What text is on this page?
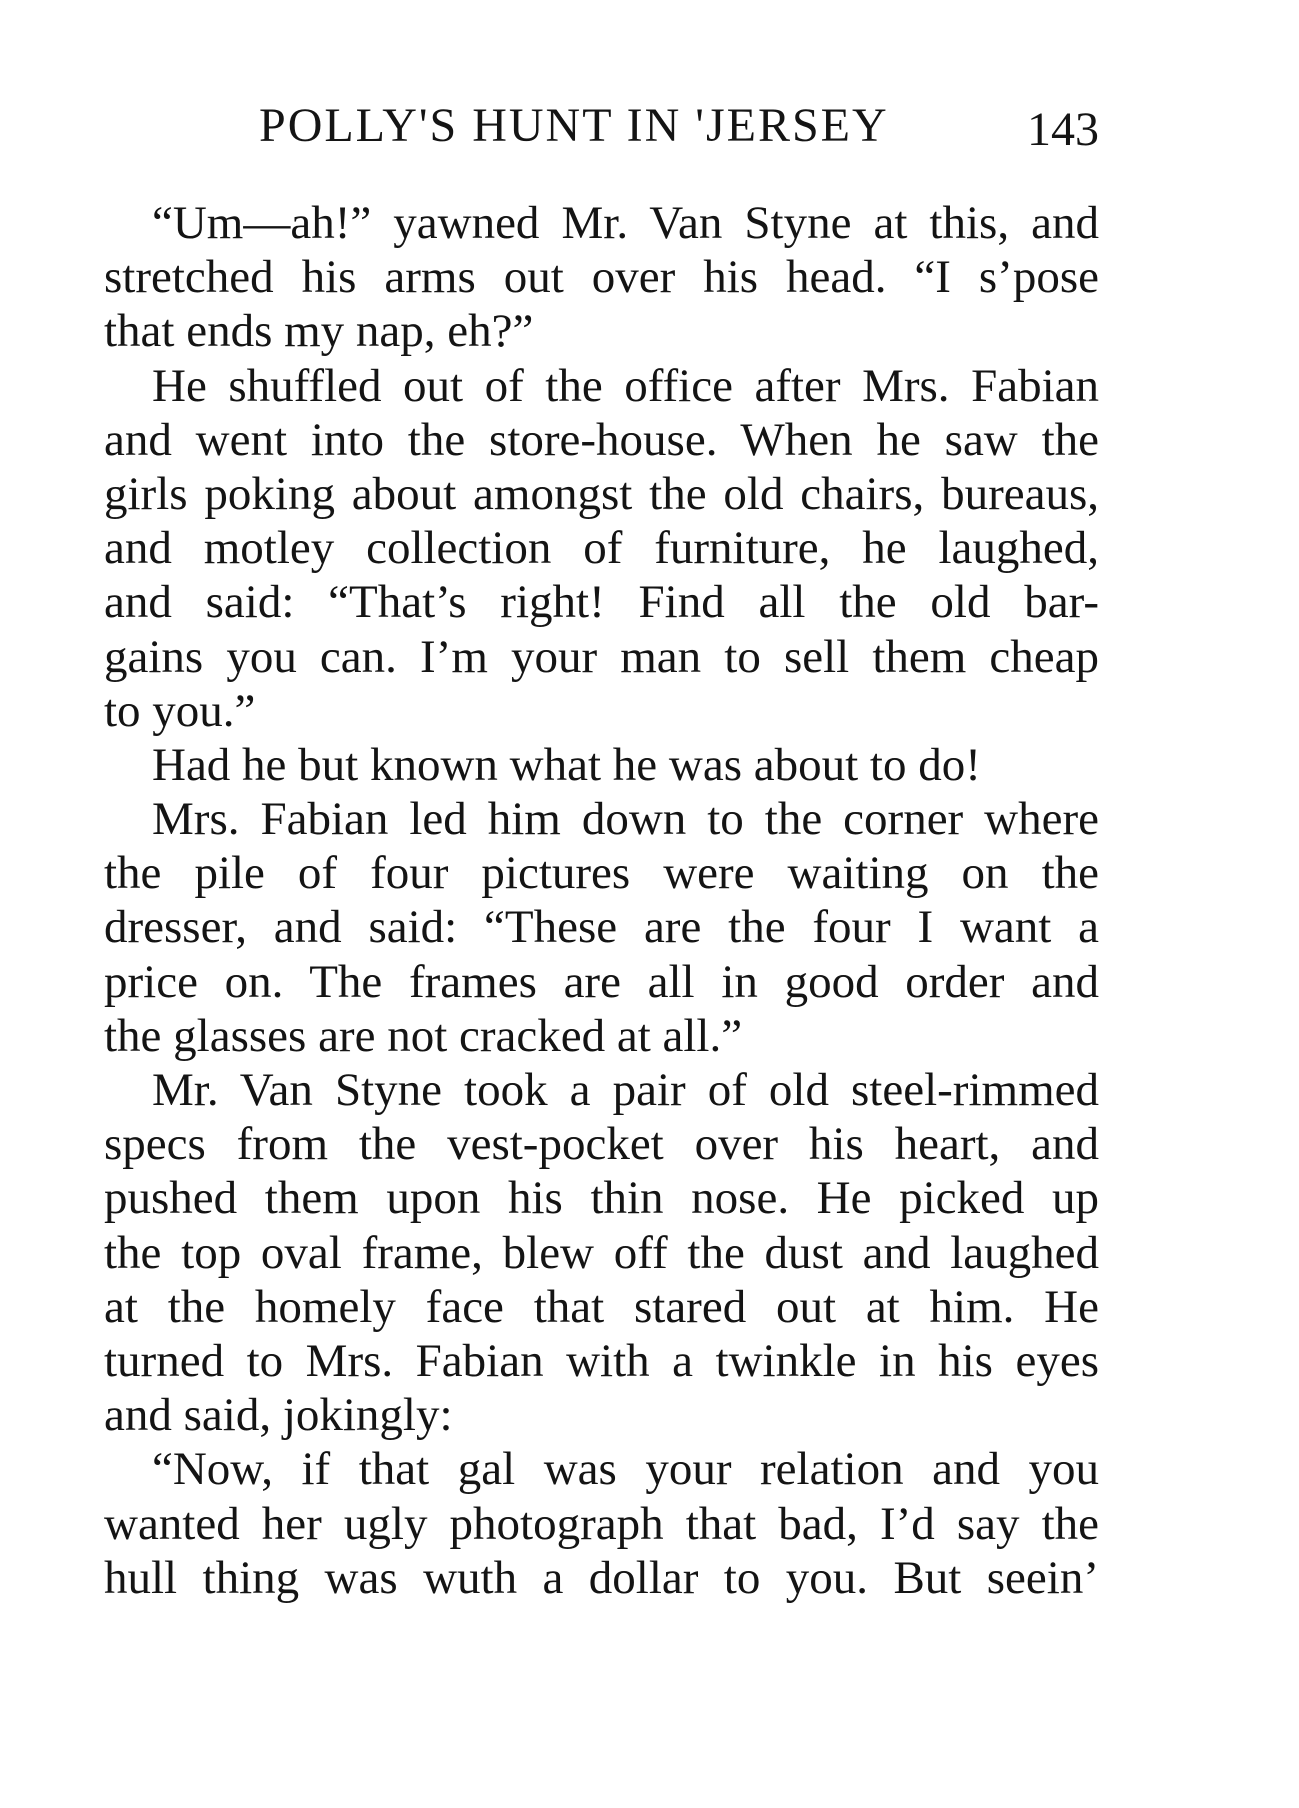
POLLY'S HUNT IN 'JERSEY	143
“Um—ah!” yawned Mr. Van Styne at this, and
stretched his arms out over his head. “I s’pose
that ends my nap, eh?”
He shuffled out of the office after Mrs. Fabian
and went into the store-house. When he saw the
girls poking about amongst the old chairs, bureaus,
and motley collection of furniture, he laughed,
and said: “That’s right! Find all the old bar-
gains you can. I’m your man to sell them cheap
to you.”
Had he but known what he was about to do!
Mrs. Fabian led him down to the corner where
the pile of four pictures were waiting on the
dresser, and said: “These are the four I want a
price on. The frames are all in good order and
the glasses are not cracked at all.”
Mr. Van Styne took a pair of old steel-rimmed
specs from the vest-pocket over his heart, and
pushed them upon his thin nose. He picked up
the top oval frame, blew off the dust and laughed
at the homely face that stared out at him. He
turned to Mrs. Fabian with a twinkle in his eyes
and said, jokingly:
“Now, if that gal was your relation and you
wanted her ugly photograph that bad, I’d say the
hull thing was wuth a dollar to you. But seein’
